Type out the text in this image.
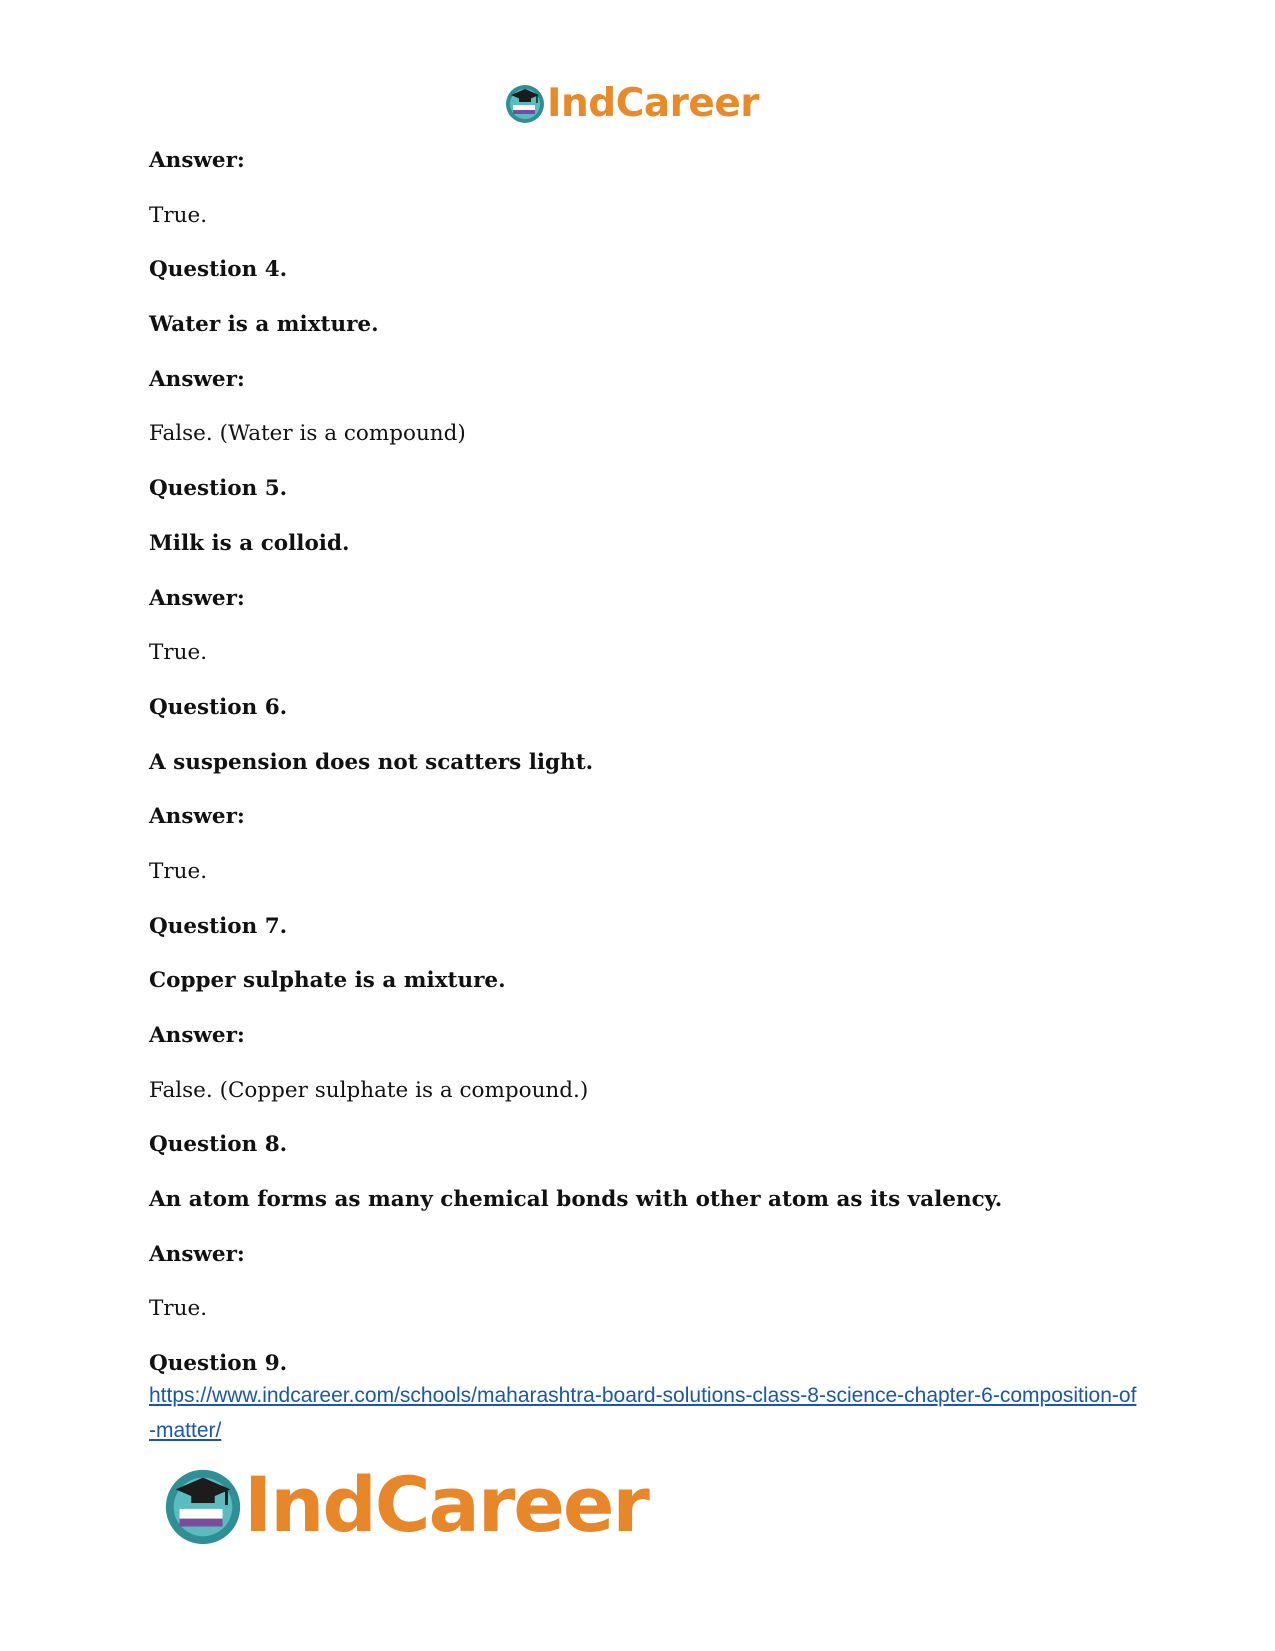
IndCareer
Answer:
True.
Question 4.
Water is a mixture.
Answer:
False. (Water is a compound)
Question 5.
Milk is a colloid.
Answer:
True.
Question 6.
A suspension does not scatters light.
Answer:
True.
Question 7.
Copper sulphate is a mixture.
Answer:
False. (Copper sulphate is a compound.)
Question 8.
An atom forms as many chemical bonds with other atom as its valency.
Answer:
True.
Question 9.
https://www.indcareer.com/schools/maharashtra-board-solutions-class-8-science-chapter-6-composition-of-matter/
IndCareer
